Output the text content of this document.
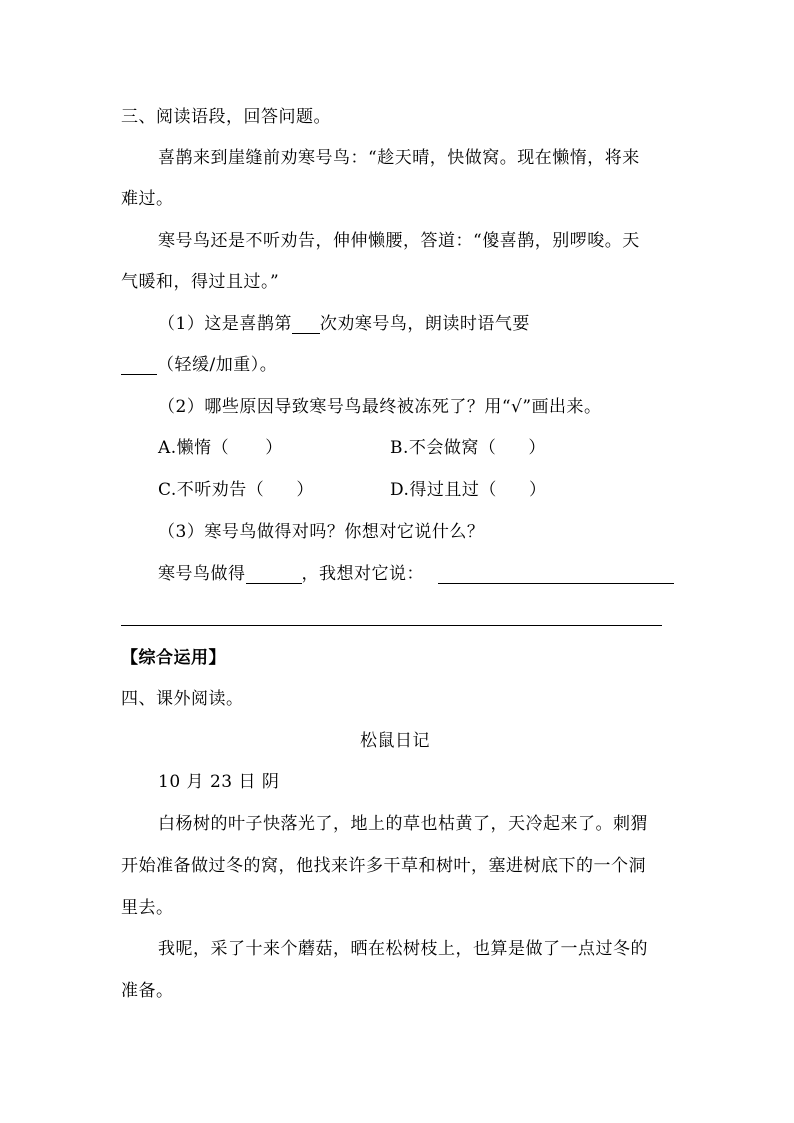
三、阅读语段，回答问题。
喜鹊来到崖缝前劝寒号鸟：“趁天晴，快做窝。现在懒惰，将来
难过。
寒号鸟还是不听劝告，伸伸懒腰，答道：“傻喜鹊，别啰唆。天
气暖和，得过且过。”
（1）这是喜鹊第 次劝寒号鸟，朗读时语气要
（轻缓/加重）。
（2）哪些原因导致寒号鸟最终被冻死了？用“√”画出来。
A.懒惰（ ）	B.不会做窝（ ）
C.不听劝告（ ）	D.得过且过（ ）
（3）寒号鸟做得对吗？你想对它说什么？
寒号鸟做得	，我想对它说：
【综合运用】
四、课外阅读。
松鼠日记
10 月 23 日 阴
白杨树的叶子快落光了，地上的草也枯黄了，天冷起来了。刺猬
开始准备做过冬的窝，他找来许多干草和树叶，塞进树底下的一个洞
里去。
我呢，采了十来个蘑菇，晒在松树枝上，也算是做了一点过冬的
准备。
